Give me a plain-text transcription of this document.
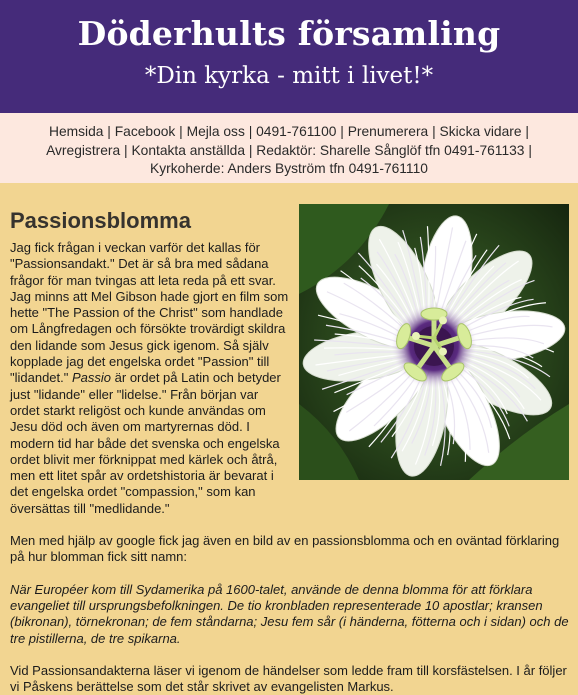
Döderhults församling
*Din kyrka - mitt i livet!*
Hemsida | Facebook | Mejla oss | 0491-761100 | Prenumerera | Skicka vidare |
Avregistrera | Kontakta anställda | Redaktör: Sharelle Sånglöf tfn 0491-761133 |
Kyrkoherde: Anders Byström tfn 0491-761110
Passionsblomma

Jag fick frågan i veckan varför det kallas för "Passionsandakt." Det är så bra med sådana frågor för man tvingas att leta reda på ett svar. Jag minns att Mel Gibson hade gjort en film som hette "The Passion of the Christ" som handlade om Långfredagen och försökte trovärdigt skildra den lidande som Jesus gick igenom. Så själv kopplade jag det engelska ordet "Passion" till "lidandet." Passio är ordet på Latin och betyder just "lidande" eller "lidelse." Från början var ordet starkt religöst och kunde användas om Jesu död och även om martyrernas död. I modern tid har både det svenska och engelska ordet blivit mer förknippat med kärlek och åtrå, men ett litet spår av ordetshistoria är bevarat i det engelska ordet "compassion," som kan översättas till "medlidande."

Men med hjälp av google fick jag även en bild av en passionsblomma och en oväntad förklaring på hur blomman fick sitt namn:

När Européer kom till Sydamerika på 1600-talet, använde de denna blomma för att förklara evangeliet till ursprungsbefolkningen. De tio kronbladen representerade 10 apostlar; kransen (bikronan), törnekronan; de fem ståndarna; Jesu fem sår (i händerna, fötterna och i sidan) och de tre pistillerna, de tre spikarna.

Vid Passionsandakterna läser vi igenom de händelser som ledde fram till korsfästelsen. I år följer vi Påskens berättelse som det står skrivet av evangelisten Markus.
